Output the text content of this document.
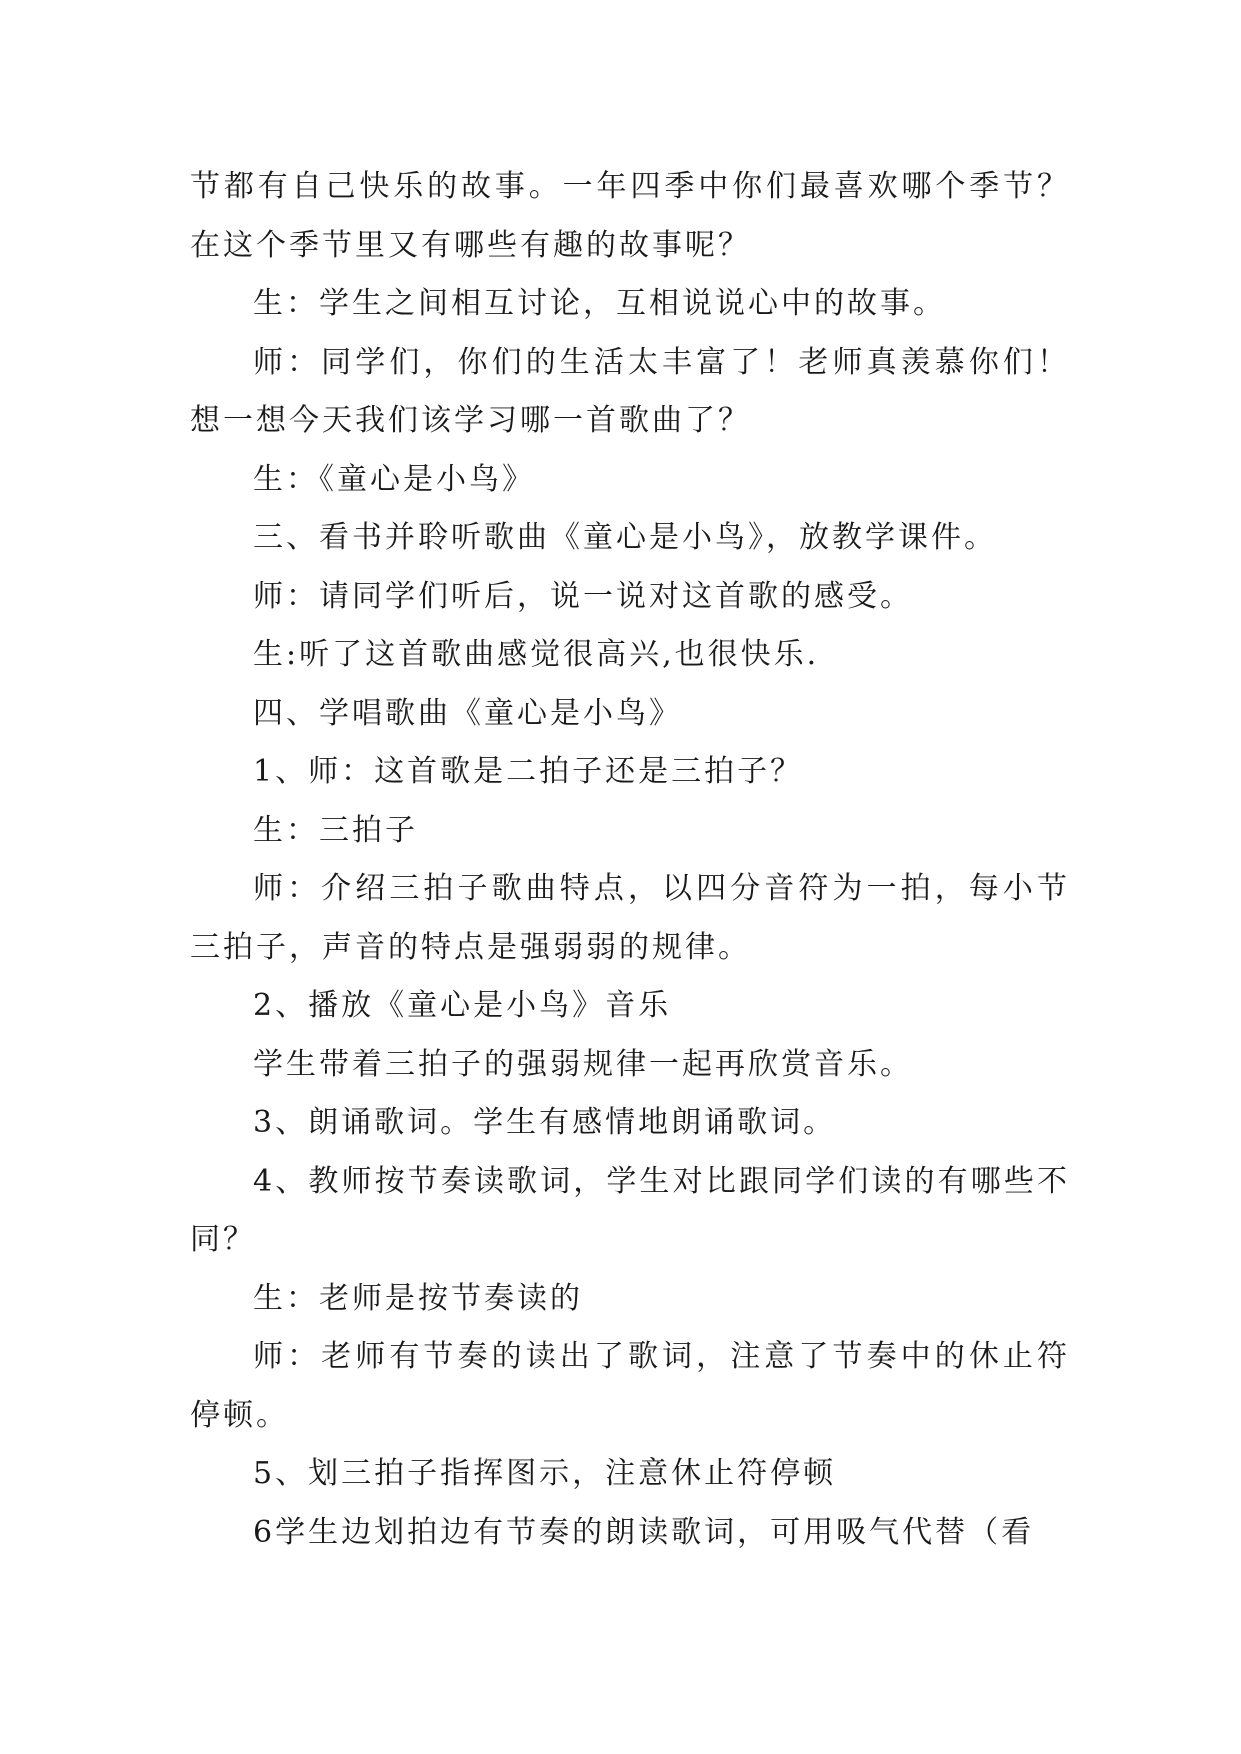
节都有自己快乐的故事。一年四季中你们最喜欢哪个季节？在这个季节里又有哪些有趣的故事呢？

生：学生之间相互讨论，互相说说心中的故事。

师：同学们，你们的生活太丰富了！老师真羡慕你们！想一想今天我们该学习哪一首歌曲了？

生：《童心是小鸟》

三、看书并聆听歌曲《童心是小鸟》，放教学课件。

师：请同学们听后，说一说对这首歌的感受。

生:听了这首歌曲感觉很高兴,也很快乐.

四、学唱歌曲《童心是小鸟》

1、师：这首歌是二拍子还是三拍子？

生：三拍子

师：介绍三拍子歌曲特点，以四分音符为一拍，每小节三拍子，声音的特点是强弱弱的规律。

2、播放《童心是小鸟》音乐

学生带着三拍子的强弱规律一起再欣赏音乐。

3、朗诵歌词。学生有感情地朗诵歌词。

4、教师按节奏读歌词，学生对比跟同学们读的有哪些不同？

生：老师是按节奏读的

师：老师有节奏的读出了歌词，注意了节奏中的休止符停顿。

5、划三拍子指挥图示，注意休止符停顿

6学生边划拍边有节奏的朗读歌词，可用吸气代替（看
